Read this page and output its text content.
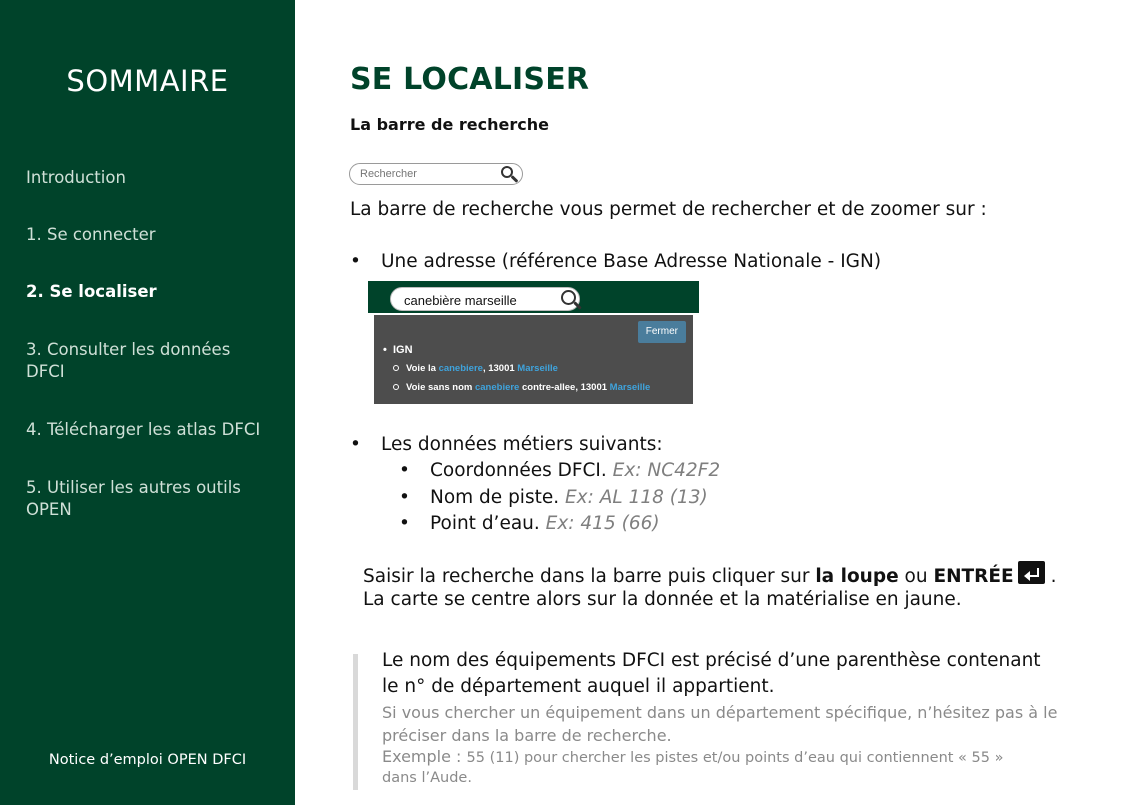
SOMMAIRE
Introduction
1. Se connecter
2. Se localiser
3. Consulter les données DFCI
4. Télécharger les atlas DFCI
5. Utiliser les autres outils OPEN
Notice d’emploi OPEN DFCI
SE LOCALISER
La barre de recherche
Rechercher

La barre de recherche vous permet de rechercher et de zoomer sur :

• Une adresse (référence Base Adresse Nationale - IGN)
canebière marseille
Fermer
•  IGN
Voie la canebiere, 13001 Marseille
Voie sans nom canebiere contre-allee, 13001 Marseille
• Les données métiers suivants:
• Coordonnées DFCI. Ex: NC42F2
• Nom de piste. Ex: AL 118 (13)
• Point d’eau. Ex: 415 (66)

Saisir la recherche dans la barre puis cliquer sur la loupe ou ENTRÉE .

La carte se centre alors sur la donnée et la matérialise en jaune.

Le nom des équipements DFCI est précisé d’une parenthèse contenant le n° de département auquel il appartient.

Si vous chercher un équipement dans un département spécifique, n’hésitez pas à le préciser dans la barre de recherche.

Exemple : 55 (11) pour chercher les pistes et/ou points d’eau qui contiennent « 55 » dans l’Aude.
